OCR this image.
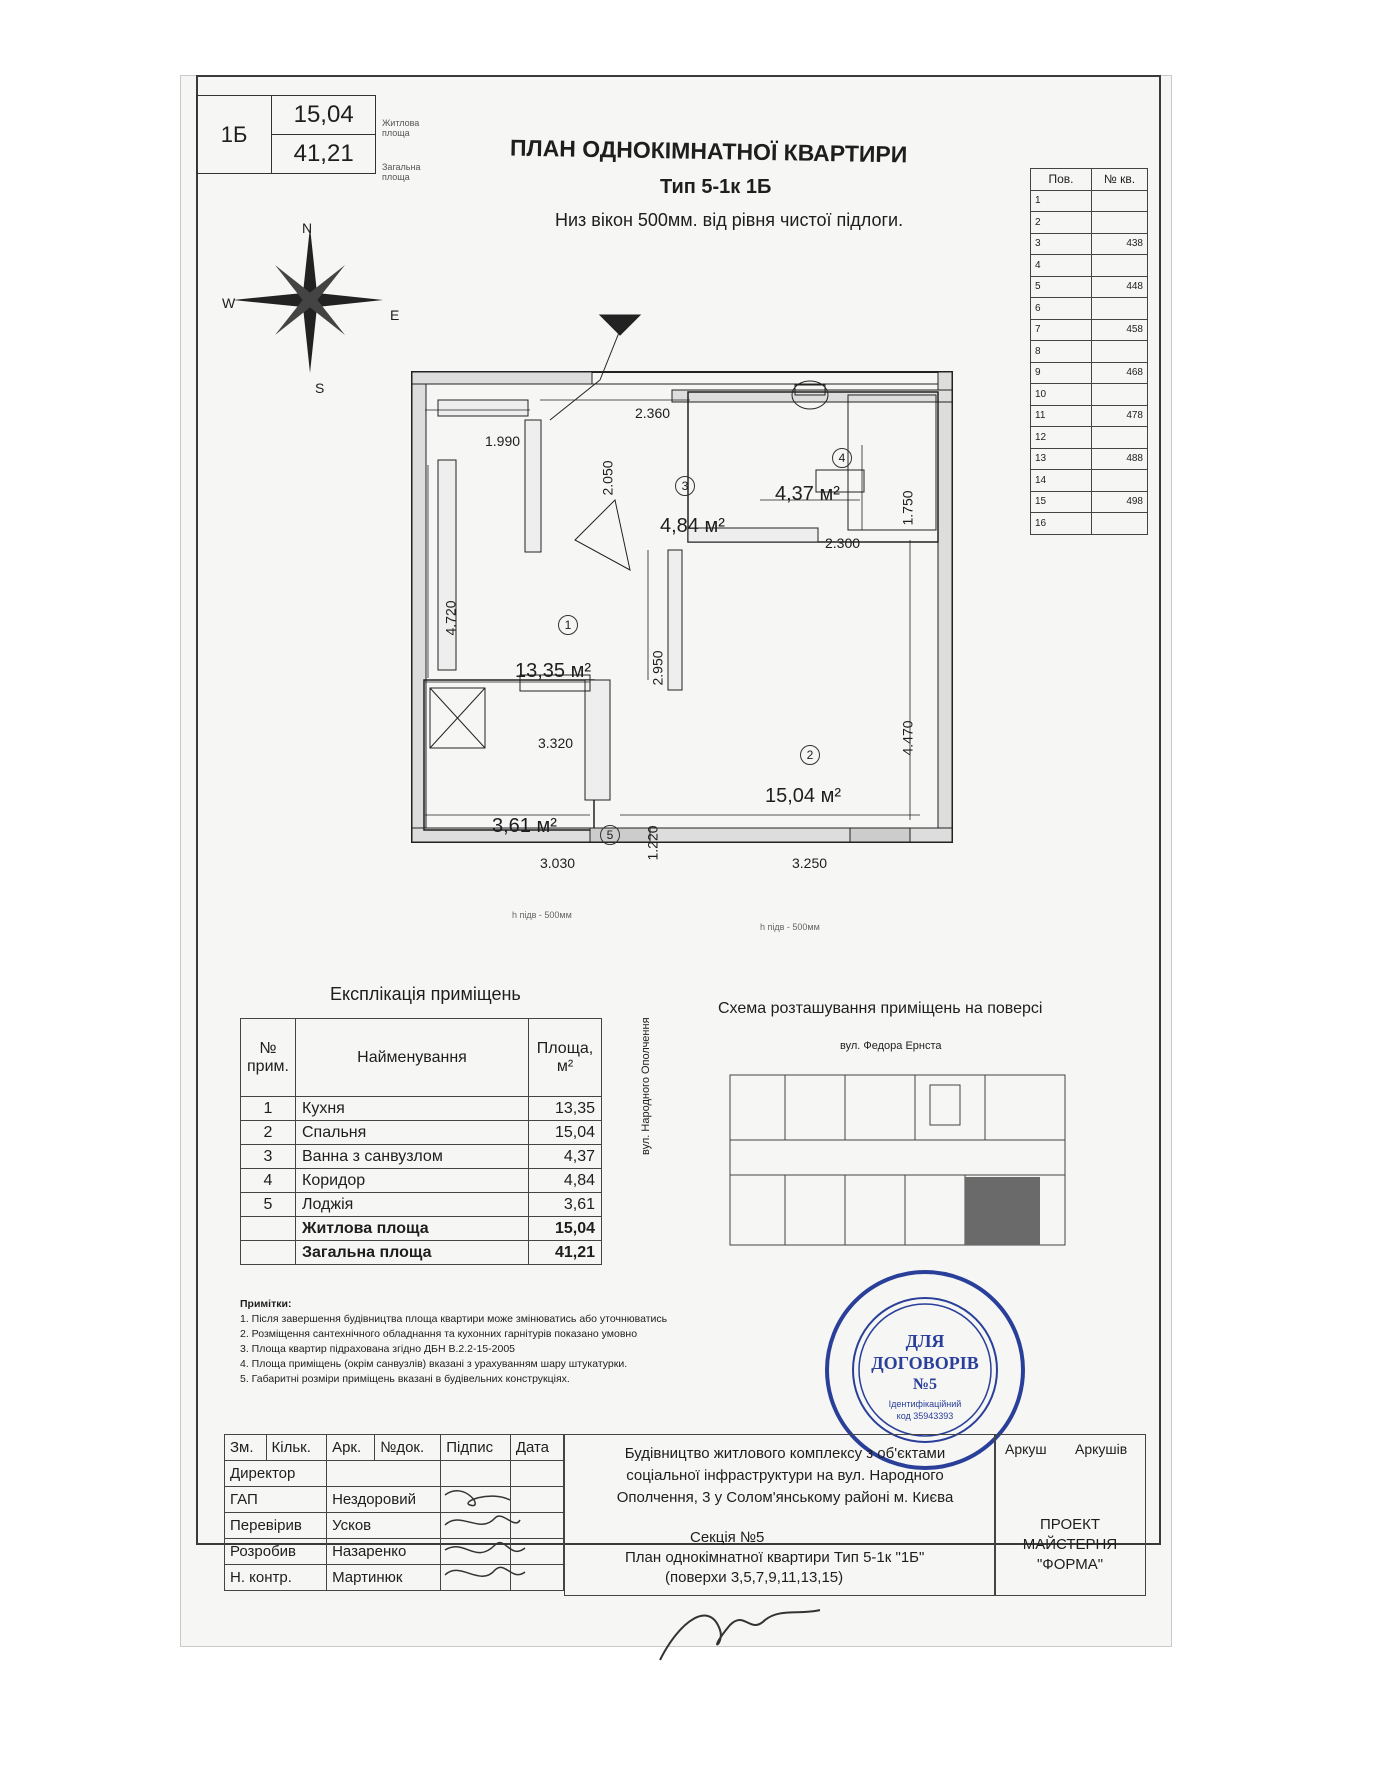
1Б	15,04
41,21
Житлова площа
Загальна площа
ПЛАН ОДНОКІМНАТНОЇ КВАРТИРИ
Тип 5-1к 1Б
Низ вікон 500мм. від рівня чистої підлоги.
N
S
W
E
Пов.	№ кв.
1	
2	
3	438
4	
5	448
6	
7	458
8	
9	468
10	
11	478
12	
13	488
14	
15	498
16	
13,35 м²
1
15,04 м²
2
4,84 м²
3	4,37 м²
4
3,61 м²	5
2.360
1.990
2.050
1.750
2.300
4.720
2.950
4.470
3.320
1.220
3.030	3.250
h підв - 500мм
h підв - 500мм
Експлікація приміщень
№ прим.	Найменування	Площа, м²
1	Кухня	13,35
2	Спальня	15,04
3	Ванна з санвузлом	4,37
4	Коридор	4,84
5	Лоджія	3,61
	Житлова площа	15,04
	Загальна площа	41,21
Схема розташування приміщень на поверсі
вул. Федора Ернста
вул. Народного Ополчення
ДЛЯ
ДОГОВОРІВ
№5
Ідентифікаційний
код 35943393
Примітки:
1. Після завершення будівництва площа квартири може змінюватись або уточнюватись
2. Розміщення сантехнічного обладнання та кухонних гарнітурів показано умовно
3. Площа квартир підрахована згідно ДБН В.2.2-15-2005
4. Площа приміщень (окрім санвузлів) вказані з урахуванням шару штукатурки.
5. Габаритні розміри приміщень вказані в будівельних конструкціях.
Зм.	Кільк.	Арк.	№док.	Підпис	Дата
Директор					
ГАП		Нездоровий			
Перевірив		Усков			
Розробив		Назаренко			
Н. контр.		Мартинюк			
Будівництво житлового комплексу з об'єктами соціальної інфраструктури на вул. Народного Ополчення, 3 у Солом'янському районі м. Києва
Секція №5
План однокімнатної квартири Тип 5-1к "1Б"
(поверхи 3,5,7,9,11,13,15)
Аркуш Аркушів
ПРОЕКТ МАЙСТЕРНЯ "ФОРМА"
